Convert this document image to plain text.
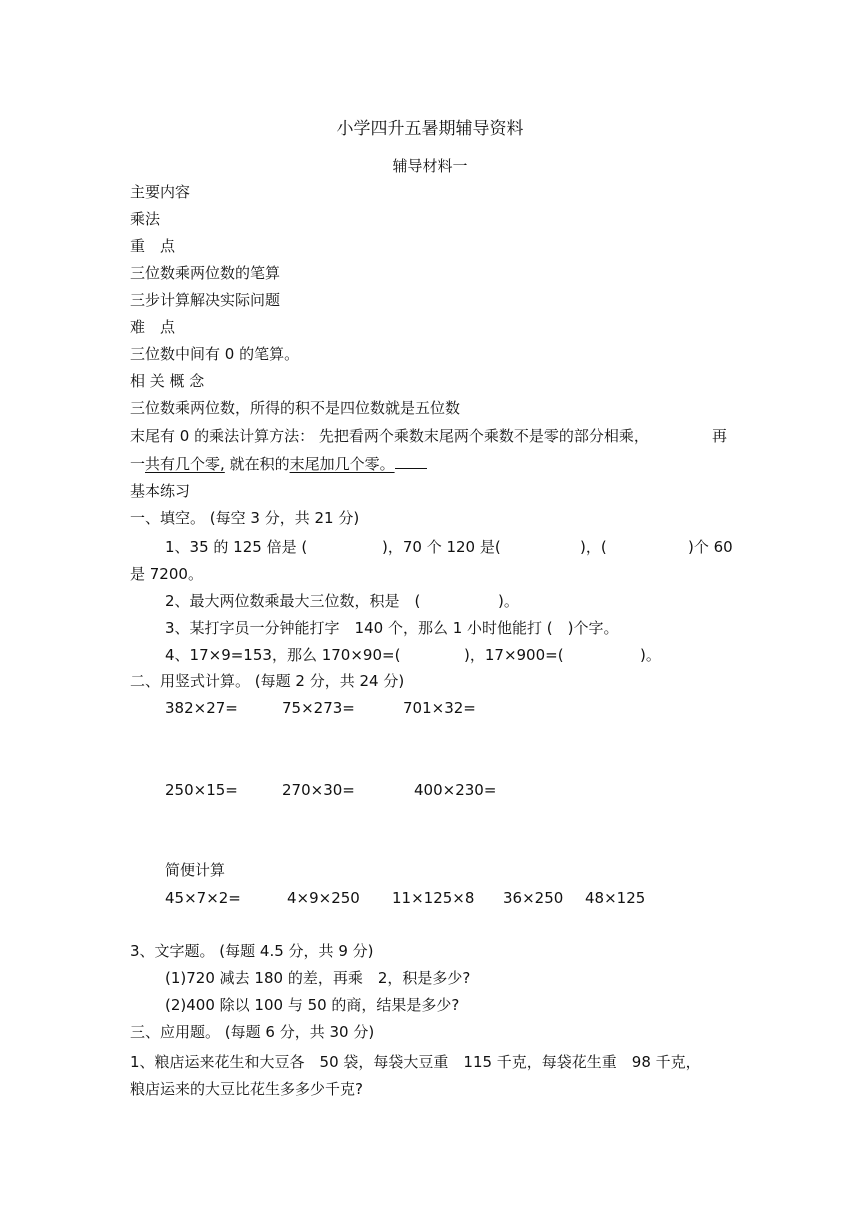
小学四升五暑期辅导资料
辅导材料一
主要内容
乘法
重　点
三位数乘两位数的笔算
三步计算解决实际问题
难　点
三位数中间有 0 的笔算。
相 关 概 念
三位数乘两位数，所得的积不是四位数就是五位数
末尾有 0 的乘法计算方法： 先把看两个乘数末尾两个乘数不是零的部分相乘，	再
一共有几个零, 就在积的末尾加几个零。
基本练习
一、填空。 (每空 3 分，共 21 分)
1、35 的 125 倍是 (	)，70 个 120 是(	)，(	)个 60
是 7200。
2、最大两位数乘最大三位数，积是　(	)。
3、某打字员一分钟能打字　140 个，那么 1 小时他能打 (　)个字。
4、17×9=153，那么 170×90=(	)，17×900=(	)。
二、用竖式计算。 (每题 2 分，共 24 分)
382×27=	75×273=	701×32=
250×15=	270×30=	400×230=
简便计算
45×7×2=	4×9×250 11×125×8 36×250 48×125
3、文字题。 (每题 4.5 分，共 9 分)
(1)720 减去 180 的差，再乘　2，积是多少?
(2)400 除以 100 与 50 的商，结果是多少?
三、应用题。 (每题 6 分，共 30 分)
1、粮店运来花生和大豆各　50 袋，每袋大豆重　115 千克，每袋花生重　98 千克，
粮店运来的大豆比花生多多少千克?
